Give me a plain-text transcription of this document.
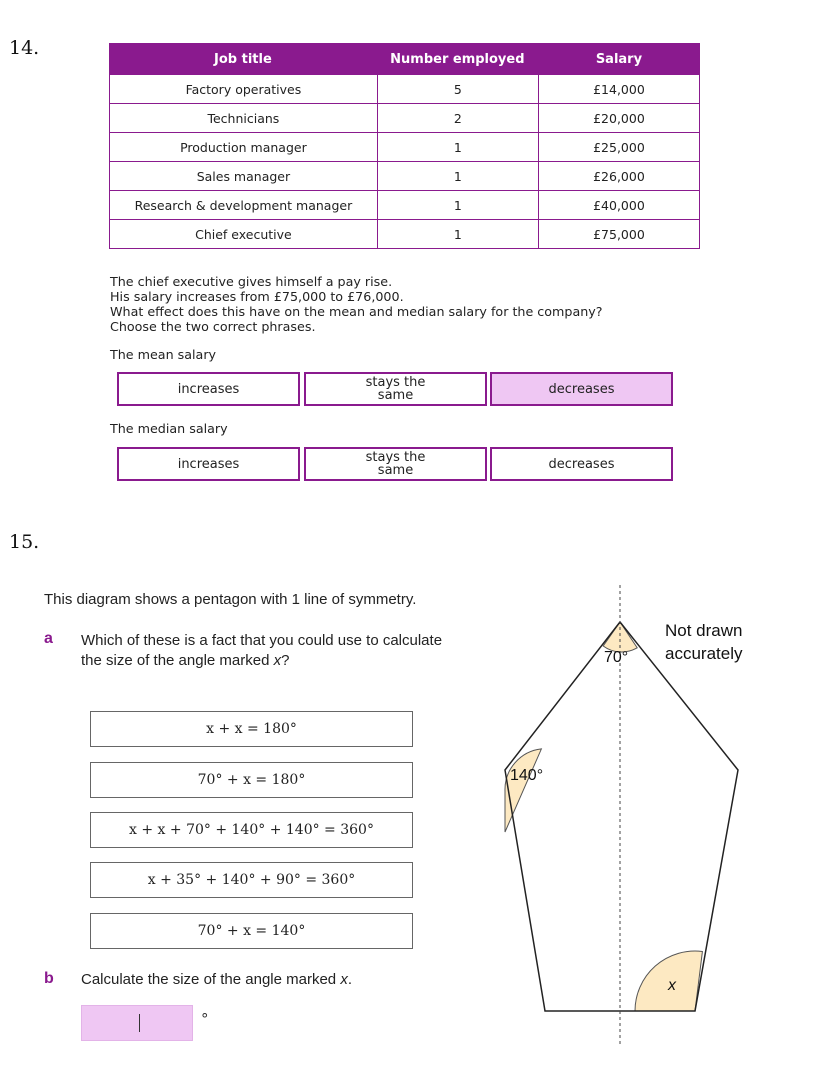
14.	Job title	Number employed	Salary
Factory operatives	5	£14,000
Technicians	2	£20,000
Production manager	1	£25,000
Sales manager	1	£26,000
Research & development manager	1	£40,000
Chief executive	1	£75,000
The chief executive gives himself a pay rise.
His salary increases from £75,000 to £76,000.
What effect does this have on the mean and median salary for the company?
Choose the two correct phrases.
The mean salary
increases	stays the
same	decreases
The median salary
increases	stays the
same	decreases
15.
This diagram shows a pentagon with 1 line of symmetry.
a Which of these is a fact that you could use to calculate
the size of the angle marked x?
x + x = 180°
70° + x = 180°
x + x + 70° + 140° + 140° = 360°
x + 35° + 140° + 90° = 360°
70° + x = 140°
b Calculate the size of the angle marked x.
°
Not drawn
accurately
70°
140°
x
